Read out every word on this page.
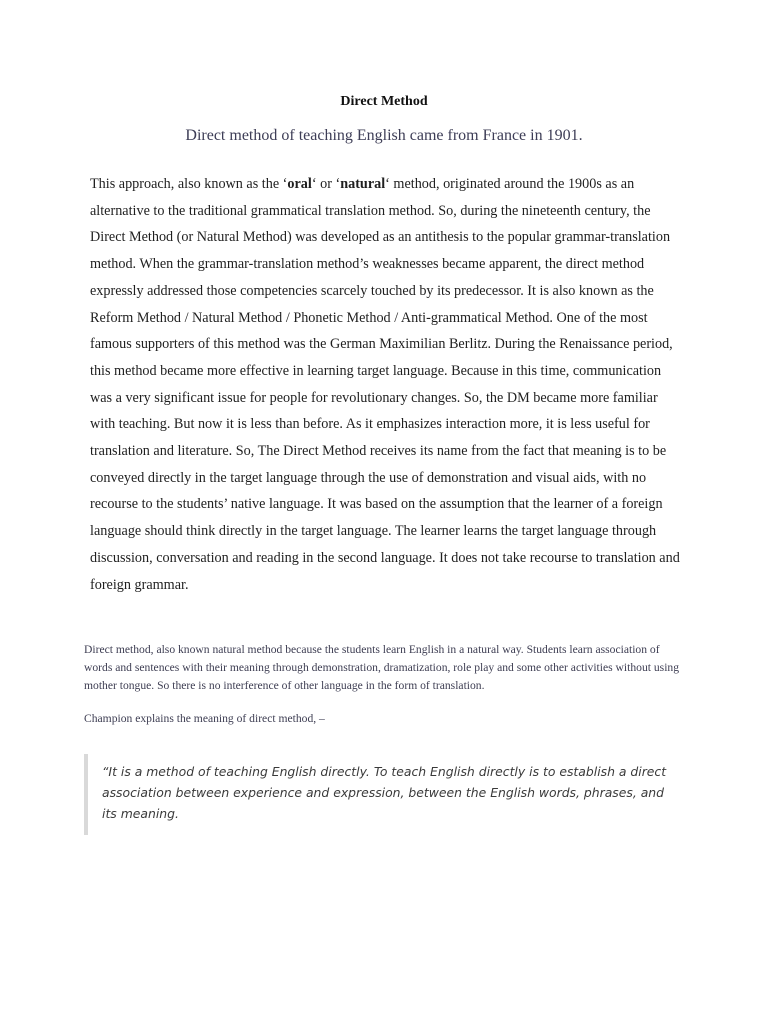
Direct Method
Direct method of teaching English came from France in 1901.

This approach, also known as the ‘oral‘ or ‘natural‘ method, originated around the 1900s as an alternative to the traditional grammatical translation method. So, during the nineteenth century, the Direct Method (or Natural Method) was developed as an antithesis to the popular grammar-translation method. When the grammar-translation method’s weaknesses became apparent, the direct method expressly addressed those competencies scarcely touched by its predecessor. It is also known as the Reform Method / Natural Method / Phonetic Method / Anti-grammatical Method. One of the most famous supporters of this method was the German Maximilian Berlitz. During the Renaissance period, this method became more effective in learning target language. Because in this time, communication was a very significant issue for people for revolutionary changes. So, the DM became more familiar with teaching. But now it is less than before. As it emphasizes interaction more, it is less useful for translation and literature. So, The Direct Method receives its name from the fact that meaning is to be conveyed directly in the target language through the use of demonstration and visual aids, with no recourse to the students’ native language. It was based on the assumption that the learner of a foreign language should think directly in the target language. The learner learns the target language through discussion, conversation and reading in the second language. It does not take recourse to translation and foreign grammar.

Direct method, also known natural method because the students learn English in a natural way. Students learn association of words and sentences with their meaning through demonstration, dramatization, role play and some other activities without using mother tongue. So there is no interference of other language in the form of translation.

Champion explains the meaning of direct method, –

“It is a method of teaching English directly. To teach English directly is to establish a direct association between experience and expression, between the English words, phrases, and its meaning.
